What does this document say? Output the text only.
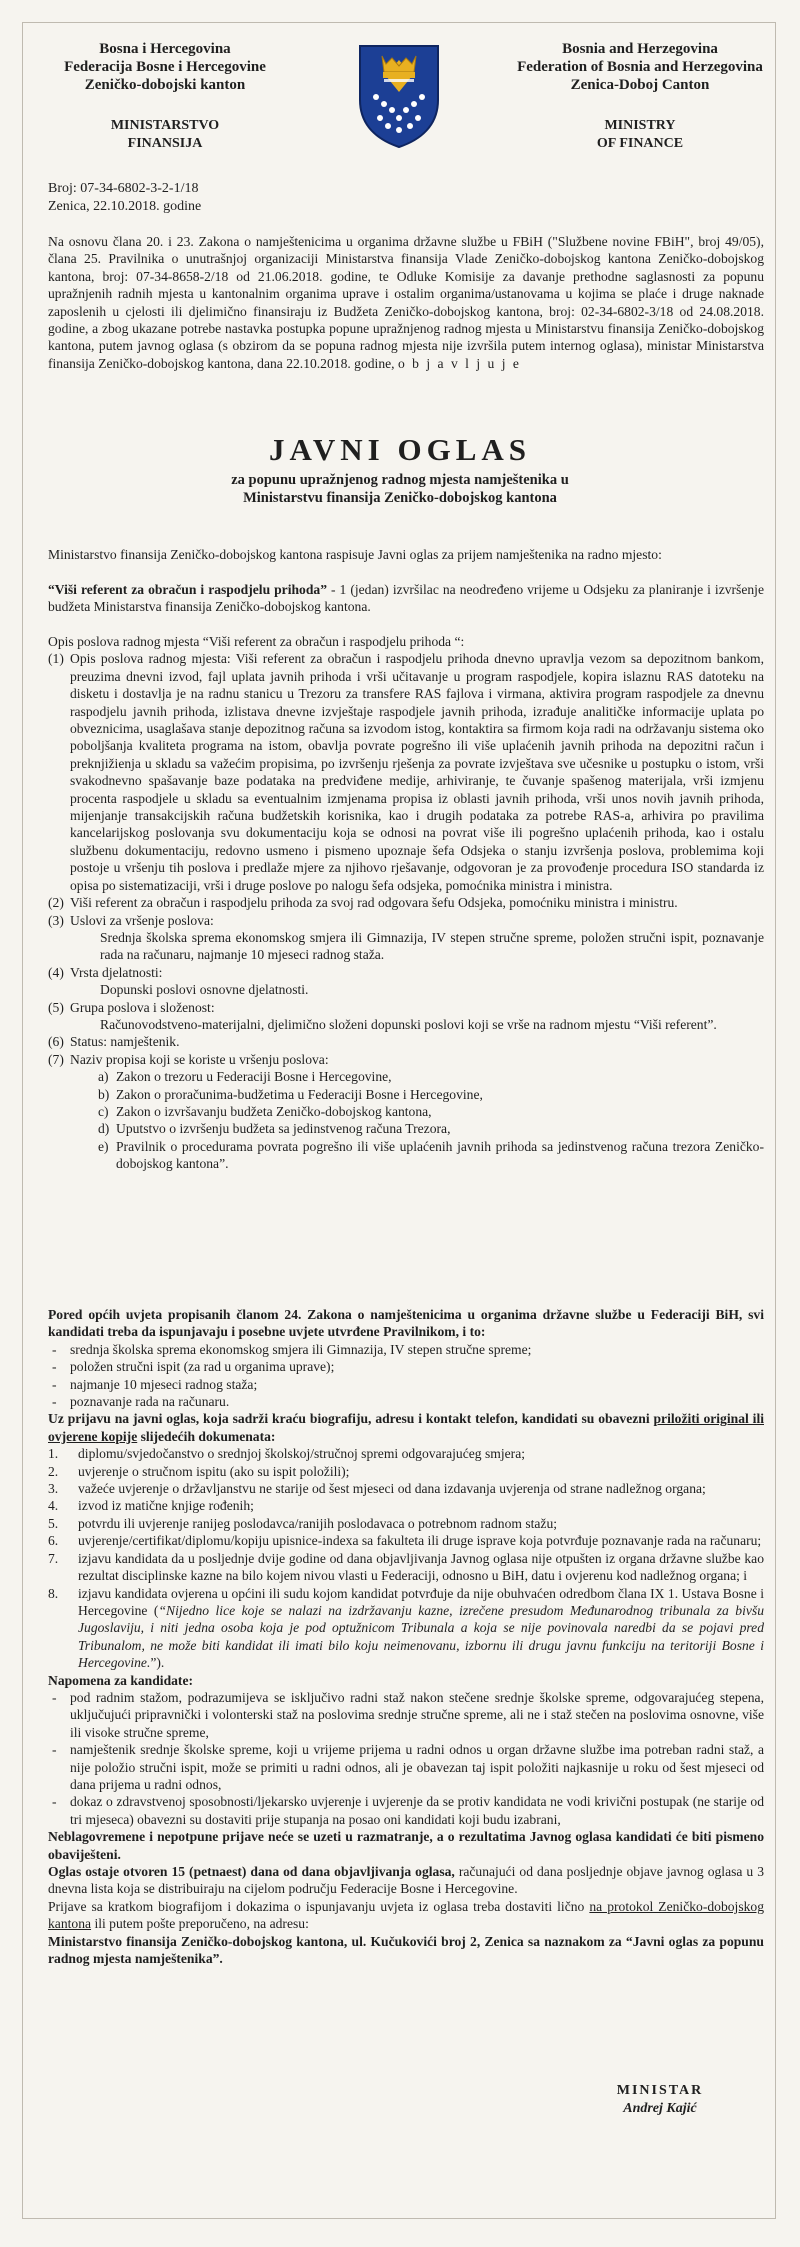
Bosna i Hercegovina
Federacija Bosne i Hercegovine
Zeničko-dobojski kanton
MINISTARSTVO
FINANSIJA
Bosnia and Herzegovina
Federation of Bosnia and Herzegovina
Zenica-Doboj Canton
MINISTRY
OF FINANCE
Broj: 07-34-6802-3-2-1/18
Zenica, 22.10.2018. godine
Na osnovu člana 20. i 23. Zakona o namještenicima u organima državne službe u FBiH ("Službene novine FBiH", broj 49/05), člana 25. Pravilnika o unutrašnjoj organizaciji Ministarstva finansija Vlade Zeničko-dobojskog kantona Zeničko-dobojskog kantona, broj: 07-34-8658-2/18 od 21.06.2018. godine, te Odluke Komisije za davanje prethodne saglasnosti za popunu upražnjenih radnih mjesta u kantonalnim organima uprave i ostalim organima/ustanovama u kojima se plaće i druge naknade zaposlenih u cjelosti ili djelimično finansiraju iz Budžeta Zeničko-dobojskog kantona, broj: 02-34-6802-3/18 od 24.08.2018. godine, a zbog ukazane potrebe nastavka postupka popune upražnjenog radnog mjesta u Ministarstvu finansija Zeničko-dobojskog kantona, putem javnog oglasa (s obzirom da se popuna radnog mjesta nije izvršila putem internog oglasa), ministar Ministarstva finansija Zeničko-dobojskog kantona, dana 22.10.2018. godine, o b j a v l j u j e
JAVNI OGLAS
za popunu upražnjenog radnog mjesta namještenika u
Ministarstvu finansija Zeničko-dobojskog kantona
Ministarstvo finansija Zeničko-dobojskog kantona raspisuje Javni oglas za prijem namještenika na radno mjesto:
“Viši referent za obračun i raspodjelu prihoda” - 1 (jedan) izvršilac na neodređeno vrijeme u Odsjeku za planiranje i izvršenje budžeta Ministarstva finansija Zeničko-dobojskog kantona.
Opis poslova radnog mjesta “Viši referent za obračun i raspodjelu prihoda “:
(1) Opis poslova radnog mjesta: Viši referent za obračun i raspodjelu prihoda dnevno upravlja vezom sa depozitnom bankom, preuzima dnevni izvod, fajl uplata javnih prihoda i vrši učitavanje u program raspodjele, kopira islaznu RAS datoteku na disketu i dostavlja je na radnu stanicu u Trezoru za transfere RAS fajlova i virmana, aktivira program raspodjele za dnevnu raspodjelu javnih prihoda, izlistava dnevne izvještaje raspodjele javnih prihoda, izrađuje analitičke informacije uplata po obveznicima, usaglašava stanje depozitnog računa sa izvodom istog, kontaktira sa firmom koja radi na održavanju sistema oko poboljšanja kvaliteta programa na istom, obavlja povrate pogrešno ili više uplaćenih javnih prihoda na depozitni račun i preknjižienja u skladu sa važećim propisima, po izvršenju rješenja za povrate izvještava sve učesnike u postupku o istom, vrši svakodnevno spašavanje baze podataka na predviđene medije, arhiviranje, te čuvanje spašenog materijala, vrši izmjenu procenta raspodjele u skladu sa eventualnim izmjenama propisa iz oblasti javnih prihoda, vrši unos novih javnih prihoda, mijenjanje transakcijskih računa budžetskih korisnika, kao i drugih podataka za potrebe RAS-a, arhivira po pravilima kancelarijskog poslovanja svu dokumentaciju koja se odnosi na povrat više ili pogrešno uplaćenih prihoda, kao i ostalu službenu dokumentaciju, redovno usmeno i pismeno upoznaje šefa Odsjeka o stanju izvršenja poslova, problemima koji postoje u vršenju tih poslova i predlaže mjere za njihovo rješavanje, odgovoran je za provođenje procedura ISO standarda iz opisa po sistematizaciji, vrši i druge poslove po nalogu šefa odsjeka, pomoćnika ministra i ministra.
(2) Viši referent za obračun i raspodjelu prihoda za svoj rad odgovara šefu Odsjeka, pomoćniku ministra i ministru.
(3) Uslovi za vršenje poslova:
Srednja školska sprema ekonomskog smjera ili Gimnazija, IV stepen stručne spreme, položen stručni ispit, poznavanje rada na računaru, najmanje 10 mjeseci radnog staža.
(4) Vrsta djelatnosti:
Dopunski poslovi osnovne djelatnosti.
(5) Grupa poslova i složenost:
Računovodstveno-materijalni, djelimično složeni dopunski poslovi koji se vrše na radnom mjestu “Viši referent”.
(6) Status: namještenik.
(7) Naziv propisa koji se koriste u vršenju poslova:
a) Zakon o trezoru u Federaciji Bosne i Hercegovine,
b) Zakon o proračunima-budžetima u Federaciji Bosne i Hercegovine,
c) Zakon o izvršavanju budžeta Zeničko-dobojskog kantona,
d) Uputstvo o izvršenju budžeta sa jedinstvenog računa Trezora,
e) Pravilnik o procedurama povrata pogrešno ili više uplaćenih javnih prihoda sa jedinstvenog računa trezora Zeničko-dobojskog kantona”.
Pored općih uvjeta propisanih članom 24. Zakona o namještenicima u organima državne službe u Federaciji BiH, svi kandidati treba da ispunjavaju i posebne uvjete utvrđene Pravilnikom, i to:
- srednja školska sprema ekonomskog smjera ili Gimnazija, IV stepen stručne spreme;
- položen stručni ispit (za rad u organima uprave);
- najmanje 10 mjeseci radnog staža;
- poznavanje rada na računaru.
Uz prijavu na javni oglas, koja sadrži kraću biografiju, adresu i kontakt telefon, kandidati su obavezni priložiti original ili ovjerene kopije slijedećih dokumenata:
1. diplomu/svjedočanstvo o srednjoj školskoj/stručnoj spremi odgovarajućeg smjera;
2. uvjerenje o stručnom ispitu (ako su ispit položili);
3. važeće uvjerenje o državljanstvu ne starije od šest mjeseci od dana izdavanja uvjerenja od strane nadležnog organa;
4. izvod iz matične knjige rođenih;
5. potvrdu ili uvjerenje ranijeg poslodavca/ranijih poslodavaca o potrebnom radnom stažu;
6. uvjerenje/certifikat/diplomu/kopiju upisnice-indexa sa fakulteta ili druge isprave koja potvrđuje poznavanje rada na računaru;
7. izjavu kandidata da u posljednje dvije godine od dana objavljivanja Javnog oglasa nije otpušten iz organa državne službe kao rezultat disciplinske kazne na bilo kojem nivou vlasti u Federaciji, odnosno u BiH, datu i ovjerenu kod nadležnog organa; i
8. izjavu kandidata ovjerena u općini ili sudu kojom kandidat potvrđuje da nije obuhvaćen odredbom člana IX 1. Ustava Bosne i Hercegovine (“Nijedno lice koje se nalazi na izdržavanju kazne, izrečene presudom Međunarodnog tribunala za bivšu Jugoslaviju, i niti jedna osoba koja je pod optužnicom Tribunala a koja se nije povinovala naredbi da se pojavi pred Tribunalom, ne može biti kandidat ili imati bilo koju neimenovanu, izbornu ili drugu javnu funkciju na teritoriji Bosne i Hercegovine.”).
Napomena za kandidate:
- pod radnim stažom, podrazumijeva se isključivo radni staž nakon stečene srednje školske spreme, odgovarajućeg stepena, uključujući pripravnički i volonterski staž na poslovima srednje stručne spreme, ali ne i staž stečen na poslovima osnovne, više ili visoke stručne spreme,
- namještenik srednje školske spreme, koji u vrijeme prijema u radni odnos u organ državne službe ima potreban radni staž, a nije položio stručni ispit, može se primiti u radni odnos, ali je obavezan taj ispit položiti najkasnije u roku od šest mjeseci od dana prijema u radni odnos,
- dokaz o zdravstvenoj sposobnosti/ljekarsko uvjerenje i uvjerenje da se protiv kandidata ne vodi krivični postupak (ne starije od tri mjeseca) obavezni su dostaviti prije stupanja na posao oni kandidati koji budu izabrani,
Neblagovremene i nepotpune prijave neće se uzeti u razmatranje, a o rezultatima Javnog oglasa kandidati će biti pismeno obaviješteni.
Oglas ostaje otvoren 15 (petnaest) dana od dana objavljivanja oglasa, računajući od dana posljednje objave javnog oglasa u 3 dnevna lista koja se distribuiraju na cijelom području Federacije Bosne i Hercegovine.
Prijave sa kratkom biografijom i dokazima o ispunjavanju uvjeta iz oglasa treba dostaviti lično na protokol Zeničko-dobojskog kantona ili putem pošte preporučeno, na adresu:
Ministarstvo finansija Zeničko-dobojskog kantona, ul. Kučukovići broj 2, Zenica sa naznakom za “Javni oglas za popunu radnog mjesta namještenika”.
MINISTAR
Andrej Kajić
